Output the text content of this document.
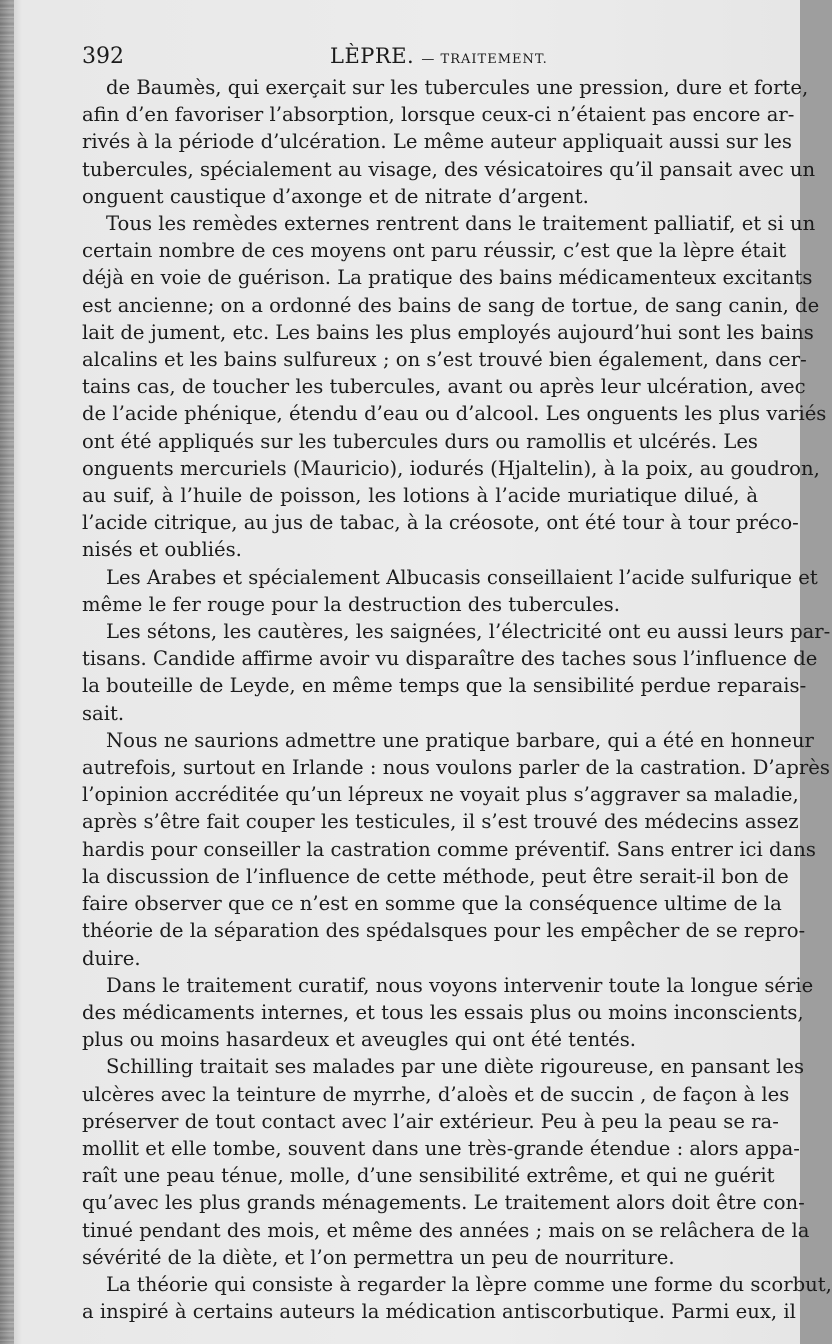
392	LÈPRE. — TRAITEMENT.
de Baumès, qui exerçait sur les tubercules une pression, dure et forte,
afin d’en favoriser l’absorption, lorsque ceux-ci n’étaient pas encore ar-
rivés à la période d’ulcération. Le même auteur appliquait aussi sur les
tubercules, spécialement au visage, des vésicatoires qu’il pansait avec un
onguent caustique d’axonge et de nitrate d’argent.
Tous les remèdes externes rentrent dans le traitement palliatif, et si un
certain nombre de ces moyens ont paru réussir, c’est que la lèpre était
déjà en voie de guérison. La pratique des bains médicamenteux excitants
est ancienne; on a ordonné des bains de sang de tortue, de sang canin, de
lait de jument, etc. Les bains les plus employés aujourd’hui sont les bains
alcalins et les bains sulfureux ; on s’est trouvé bien également, dans cer-
tains cas, de toucher les tubercules, avant ou après leur ulcération, avec
de l’acide phénique, étendu d’eau ou d’alcool. Les onguents les plus variés
ont été appliqués sur les tubercules durs ou ramollis et ulcérés. Les
onguents mercuriels (Mauricio), iodurés (Hjaltelin), à la poix, au goudron,
au suif, à l’huile de poisson, les lotions à l’acide muriatique dilué, à
l’acide citrique, au jus de tabac, à la créosote, ont été tour à tour préco-
nisés et oubliés.
Les Arabes et spécialement Albucasis conseillaient l’acide sulfurique et
même le fer rouge pour la destruction des tubercules.
Les sétons, les cautères, les saignées, l’électricité ont eu aussi leurs par-
tisans. Candide affirme avoir vu disparaître des taches sous l’influence de
la bouteille de Leyde, en même temps que la sensibilité perdue reparais-
sait.
Nous ne saurions admettre une pratique barbare, qui a été en honneur
autrefois, surtout en Irlande : nous voulons parler de la castration. D’après
l’opinion accréditée qu’un lépreux ne voyait plus s’aggraver sa maladie,
après s’être fait couper les testicules, il s’est trouvé des médecins assez
hardis pour conseiller la castration comme préventif. Sans entrer ici dans
la discussion de l’influence de cette méthode, peut être serait-il bon de
faire observer que ce n’est en somme que la conséquence ultime de la
théorie de la séparation des spédalsques pour les empêcher de se repro-
duire.
Dans le traitement curatif, nous voyons intervenir toute la longue série
des médicaments internes, et tous les essais plus ou moins inconscients,
plus ou moins hasardeux et aveugles qui ont été tentés.
Schilling traitait ses malades par une diète rigoureuse, en pansant les
ulcères avec la teinture de myrrhe, d’aloès et de succin , de façon à les
préserver de tout contact avec l’air extérieur. Peu à peu la peau se ra-
mollit et elle tombe, souvent dans une très-grande étendue : alors appa-
raît une peau ténue, molle, d’une sensibilité extrême, et qui ne guérit
qu’avec les plus grands ménagements. Le traitement alors doit être con-
tinué pendant des mois, et même des années ; mais on se relâchera de la
sévérité de la diète, et l’on permettra un peu de nourriture.
La théorie qui consiste à regarder la lèpre comme une forme du scorbut,
a inspiré à certains auteurs la médication antiscorbutique. Parmi eux, il
